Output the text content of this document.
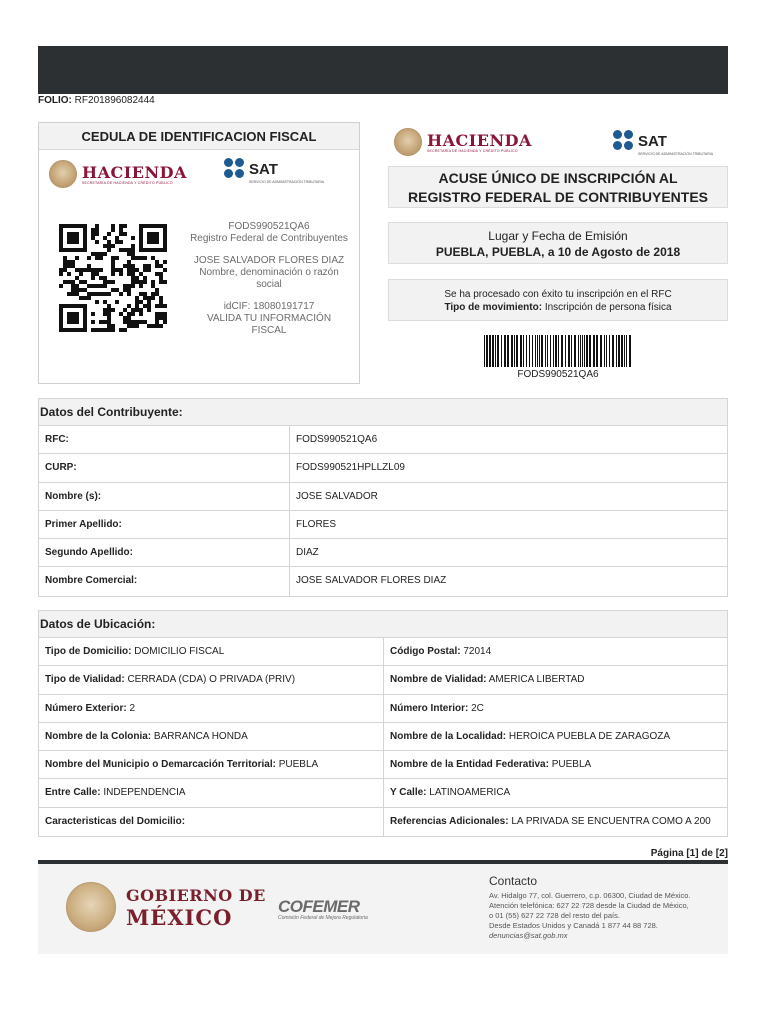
FOLIO: RF201896082444
CEDULA DE IDENTIFICACION FISCAL
HACIENDA
SECRETARÍA DE HACIENDA Y CRÉDITO PÚBLICO
SAT
SERVICIO DE ADMINISTRACIÓN TRIBUTARIA
FODS990521QA6
Registro Federal de Contribuyentes
JOSE SALVADOR FLORES DIAZ
Nombre, denominación o razón social
idCIF: 18080191717
VALIDA TU INFORMACIÓN FISCAL
HACIENDA
SECRETARÍA DE HACIENDA Y CRÉDITO PÚBLICO
SAT
SERVICIO DE ADMINISTRACIÓN TRIBUTARIA
ACUSE ÚNICO DE INSCRIPCIÓN AL
REGISTRO FEDERAL DE CONTRIBUYENTES
Lugar y Fecha de Emisión
PUEBLA, PUEBLA, a 10 de Agosto de 2018
Se ha procesado con éxito tu inscripción en el RFC
Tipo de movimiento: Inscripción de persona física
FODS990521QA6
Datos del Contribuyente:
RFC:	FODS990521QA6
CURP:	FODS990521HPLLZL09
Nombre (s):	JOSE SALVADOR
Primer Apellido:	FLORES
Segundo Apellido:	DIAZ
Nombre Comercial:	JOSE SALVADOR FLORES DIAZ
Datos de Ubicación:
Tipo de Domicilio: DOMICILIO FISCAL	Código Postal: 72014
Tipo de Vialidad: CERRADA (CDA) O PRIVADA (PRIV)	Nombre de Vialidad: AMERICA LIBERTAD
Número Exterior: 2	Número Interior: 2C
Nombre de la Colonia: BARRANCA HONDA	Nombre de la Localidad: HEROICA PUEBLA DE ZARAGOZA
Nombre del Municipio o Demarcación Territorial: PUEBLA	Nombre de la Entidad Federativa: PUEBLA
Entre Calle: INDEPENDENCIA	Y Calle: LATINOAMERICA
Caracteristicas del Domicilio:	Referencias Adicionales: LA PRIVADA SE ENCUENTRA COMO A 200
Página [1] de [2]
GOBIERNO DE
MÉXICO	COFEMER
Comisión Federal de Mejora Regulatoria
Contacto
Av. Hidalgo 77, col. Guerrero, c.p. 06300, Ciudad de México.
Atención telefónica: 627 22 728 desde la Ciudad de México,
o 01 (55) 627 22 728 del resto del país.
Desde Estados Unidos y Canadá 1 877 44 88 728.
denuncias@sat.gob.mx
